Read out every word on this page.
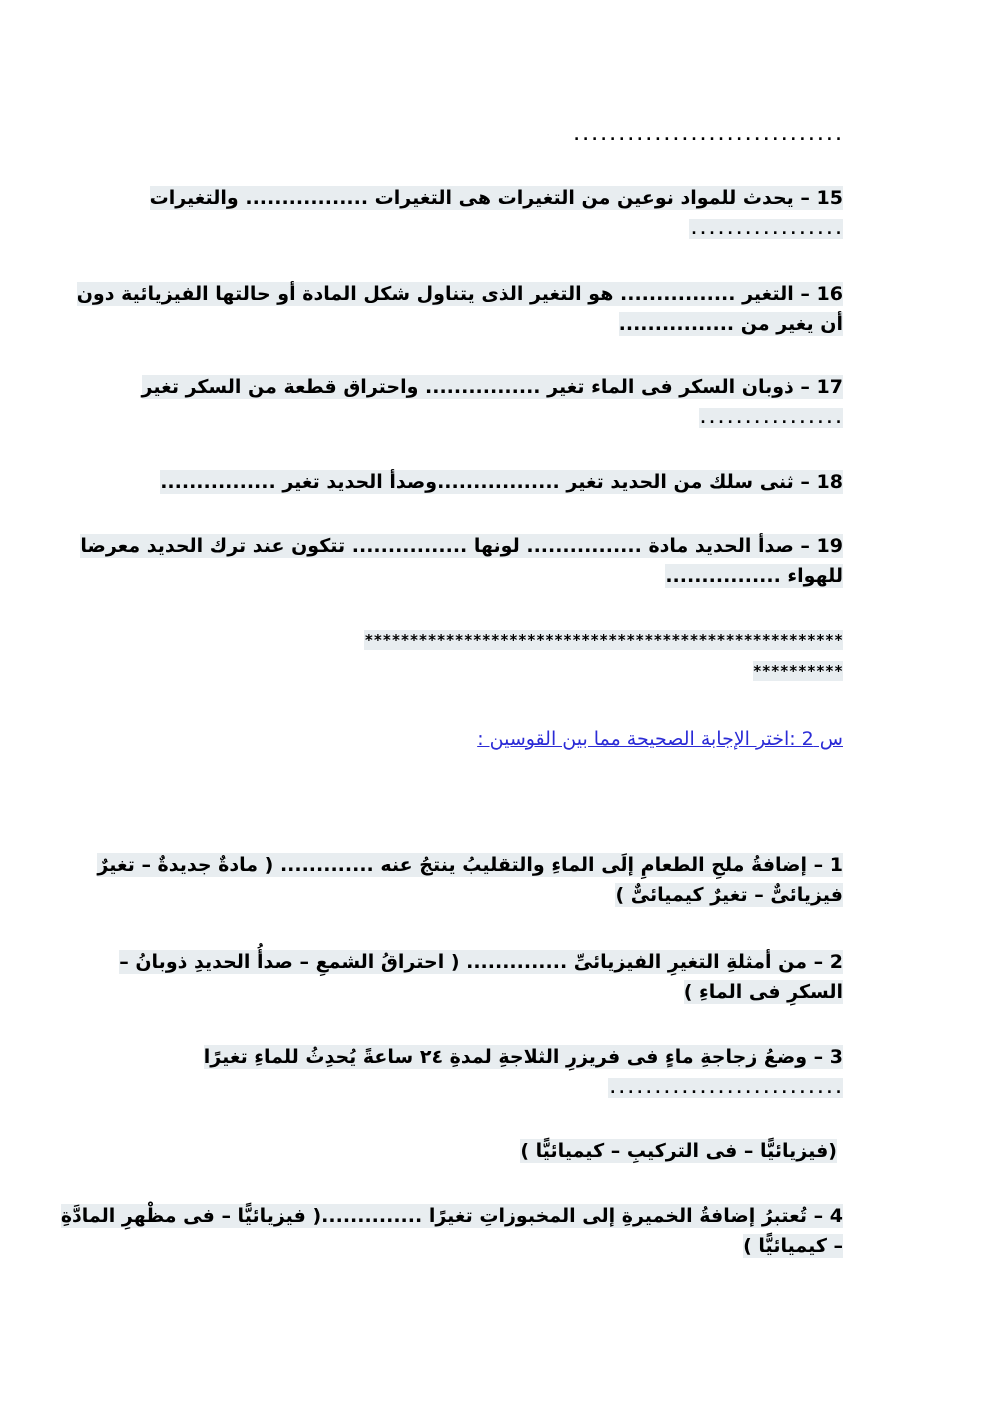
..............................
15 – يحدث للمواد نوعين من التغيرات هى التغيرات ................. والتغيرات
.................
16 – التغير ................ هو التغير الذى يتناول شكل المادة أو حالتها الفيزيائية دون
أن يغير من ................
17 – ذوبان السكر فى الماء تغير ................ واحتراق قطعة من السكر تغير
................
18 – ثنى سلك من الحديد تغير .................وصدأ الحديد تغير ................
19 – صدأ الحديد مادة ................ لونها ................ تتكون عند ترك الحديد معرضا
للهواء ................
*****************************************************
**********
س 2 :اختر الإجابة الصحيحة مما بين القوسين :
1 – إضافةُ ملحِ الطعامِ إلَى الماءِ والتقليبُ ينتجُ عنه ............. ( مادةٌ جديدةٌ – تغيرٌ
فيزيائىٌّ – تغيرٌ كيميائىٌّ )
2 – من أمثلةِ التغيرِ الفيزيائىِّ .............. ( احتراقُ الشمعِ – صدأُ الحديدِ ذوبانُ –
السكرِ فى الماءِ )
3 – وضعُ زجاجةِ ماءٍ فى فريزرِ الثلاجةِ لمدةِ ٢٤ ساعةً يُحدِثُ للماءِ تغيرًا
..........................
(فيزيائيًّا – فى التركيبِ – كيميائيًّا )
4 – تُعتبرُ إضافةُ الخميرةِ إلى المخبوزاتِ تغيرًا ..............( فيزيائيًّا – فى مظْهرِ المادَّةِ
– كيميائيًّا )
